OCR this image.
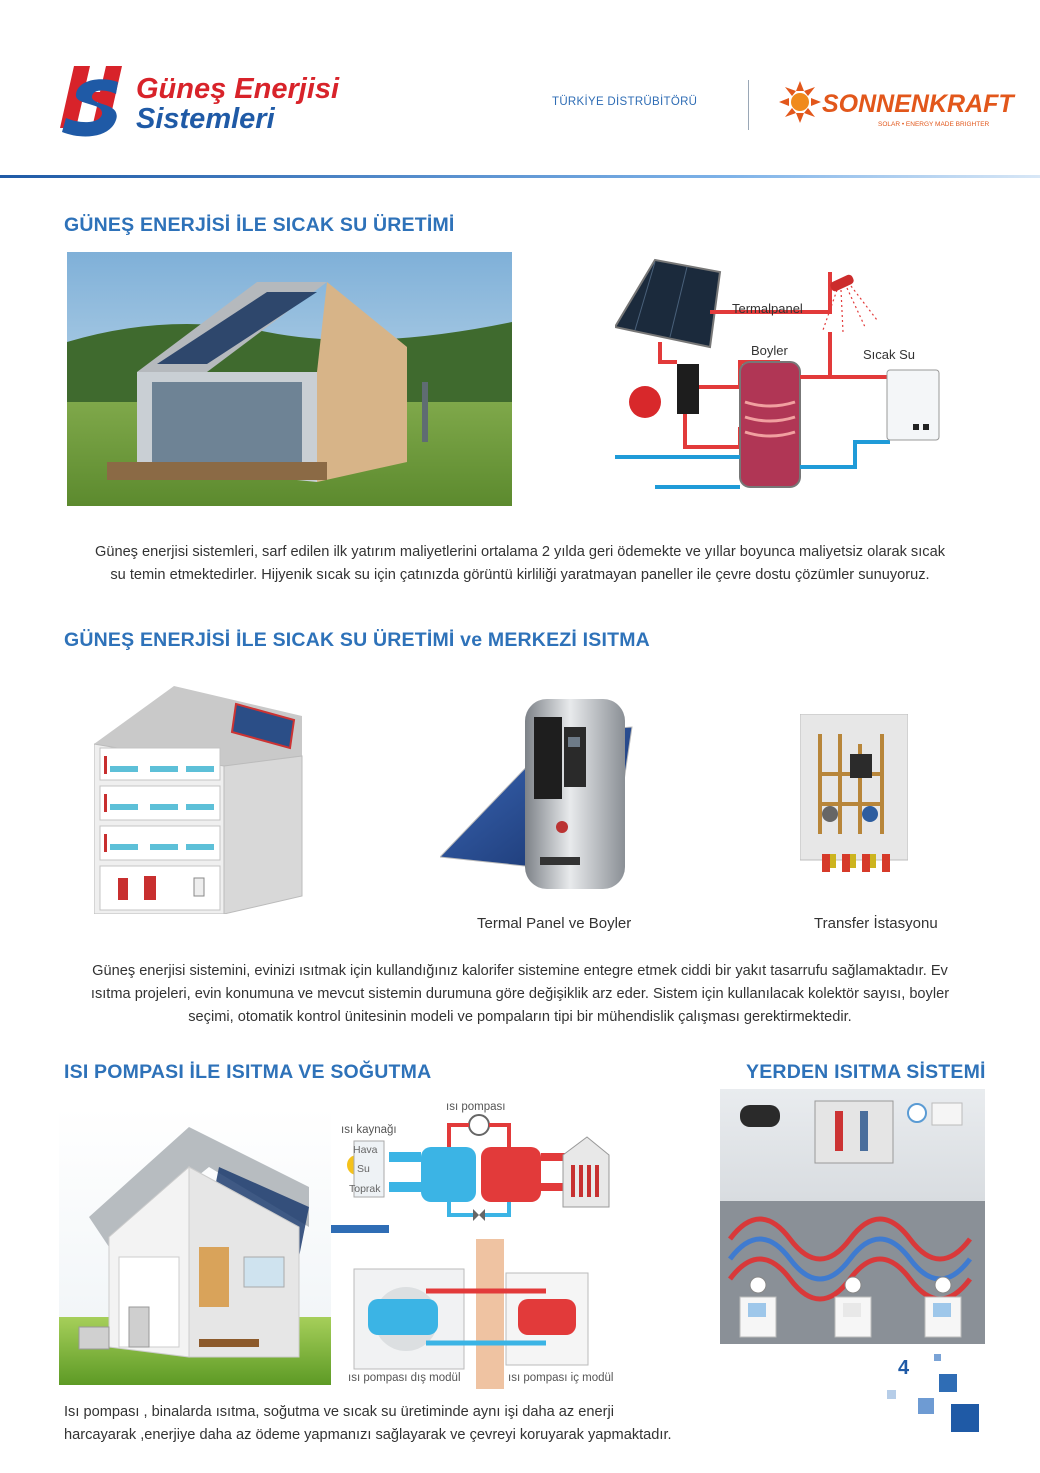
Güneş Enerjisi
Sistemleri
TÜRKİYE DİSTRÜBİTÖRÜ	SONNENKRAFT
SOLAR • ENERGY MADE BRIGHTER
GÜNEŞ ENERJİSİ İLE SICAK SU ÜRETİMİ
Termalpanel
Boyler	Sıcak Su
Güneş enerjisi sistemleri, sarf edilen ilk yatırım maliyetlerini ortalama 2 yılda geri ödemekte ve yıllar boyunca maliyetsiz olarak sıcak
su temin etmektedirler. Hijyenik sıcak su için çatınızda görüntü kirliliği yaratmayan paneller ile çevre dostu çözümler sunuyoruz.
GÜNEŞ ENERJİSİ İLE SICAK SU ÜRETİMİ ve MERKEZİ ISITMA
Termal Panel ve Boyler	Transfer İstasyonu
Güneş enerjisi sistemini, evinizi ısıtmak için kullandığınız kalorifer sistemine entegre etmek ciddi bir yakıt tasarrufu sağlamaktadır. Ev
ısıtma projeleri, evin konumuna ve mevcut sistemin durumuna göre değişiklik arz eder. Sistem için kullanılacak kolektör sayısı, boyler
seçimi, otomatik kontrol ünitesinin modeli ve pompaların tipi bir mühendislik çalışması gerektirmektedir.
ISI POMPASI İLE ISITMA VE SOĞUTMA	YERDEN ISITMA SİSTEMİ
ısı pompası
ısı kaynağı
Hava
Su
Toprak
ısı pompası dış modül	ısı pompası iç modül
Isı pompası , binalarda ısıtma, soğutma ve sıcak su üretiminde aynı işi daha az enerji
harcayarak ,enerjiye daha az ödeme yapmanızı sağlayarak ve çevreyi koruyarak yapmaktadır.
4
